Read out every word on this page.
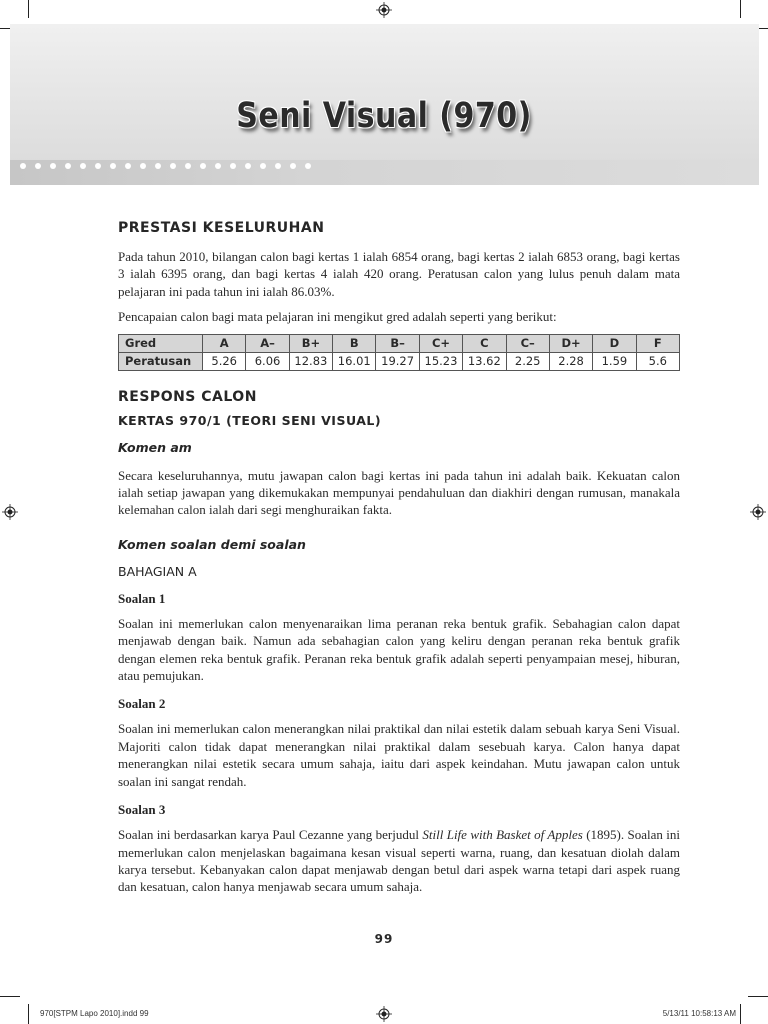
Seni Visual (970)
PRESTASI KESELURUHAN

Pada tahun 2010, bilangan calon bagi kertas 1 ialah 6854 orang, bagi kertas 2 ialah 6853 orang, bagi kertas 3 ialah 6395 orang, dan bagi kertas 4 ialah 420 orang. Peratusan calon yang lulus penuh dalam mata pelajaran ini pada tahun ini ialah 86.03%.

Pencapaian calon bagi mata pelajaran ini mengikut gred adalah seperti yang berikut:

Gred	A	A–	B+	B	B–	C+	C	C–	D+	D	F
Peratusan	5.26	6.06	12.83	16.01	19.27	15.23	13.62	2.25	2.28	1.59	5.6
RESPONS CALON
KERTAS 970/1 (TEORI SENI VISUAL)
Komen am

Secara keseluruhannya, mutu jawapan calon bagi kertas ini pada tahun ini adalah baik. Kekuatan calon ialah setiap jawapan yang dikemukakan mempunyai pendahuluan dan diakhiri dengan rumusan, manakala kelemahan calon ialah dari segi menghuraikan fakta.

Komen soalan demi soalan
BAHAGIAN A
Soalan 1

Soalan ini memerlukan calon menyenaraikan lima peranan reka bentuk grafik. Sebahagian calon dapat menjawab dengan baik. Namun ada sebahagian calon yang keliru dengan peranan reka bentuk grafik dengan elemen reka bentuk grafik. Peranan reka bentuk grafik adalah seperti penyampaian mesej, hiburan, atau pemujukan.

Soalan 2

Soalan ini memerlukan calon menerangkan nilai praktikal dan nilai estetik dalam sebuah karya Seni Visual. Majoriti calon tidak dapat menerangkan nilai praktikal dalam sesebuah karya. Calon hanya dapat menerangkan nilai estetik secara umum sahaja, iaitu dari aspek keindahan. Mutu jawapan calon untuk soalan ini sangat rendah.

Soalan 3

Soalan ini berdasarkan karya Paul Cezanne yang berjudul Still Life with Basket of Apples (1895). Soalan ini memerlukan calon menjelaskan bagaimana kesan visual seperti warna, ruang, dan kesatuan diolah dalam karya tersebut. Kebanyakan calon dapat menjawab dengan betul dari aspek warna tetapi dari aspek ruang dan kesatuan, calon hanya menjawab secara umum sahaja.

99
970[STPM Lapo 2010].indd 99	5/13/11 10:58:13 AM
